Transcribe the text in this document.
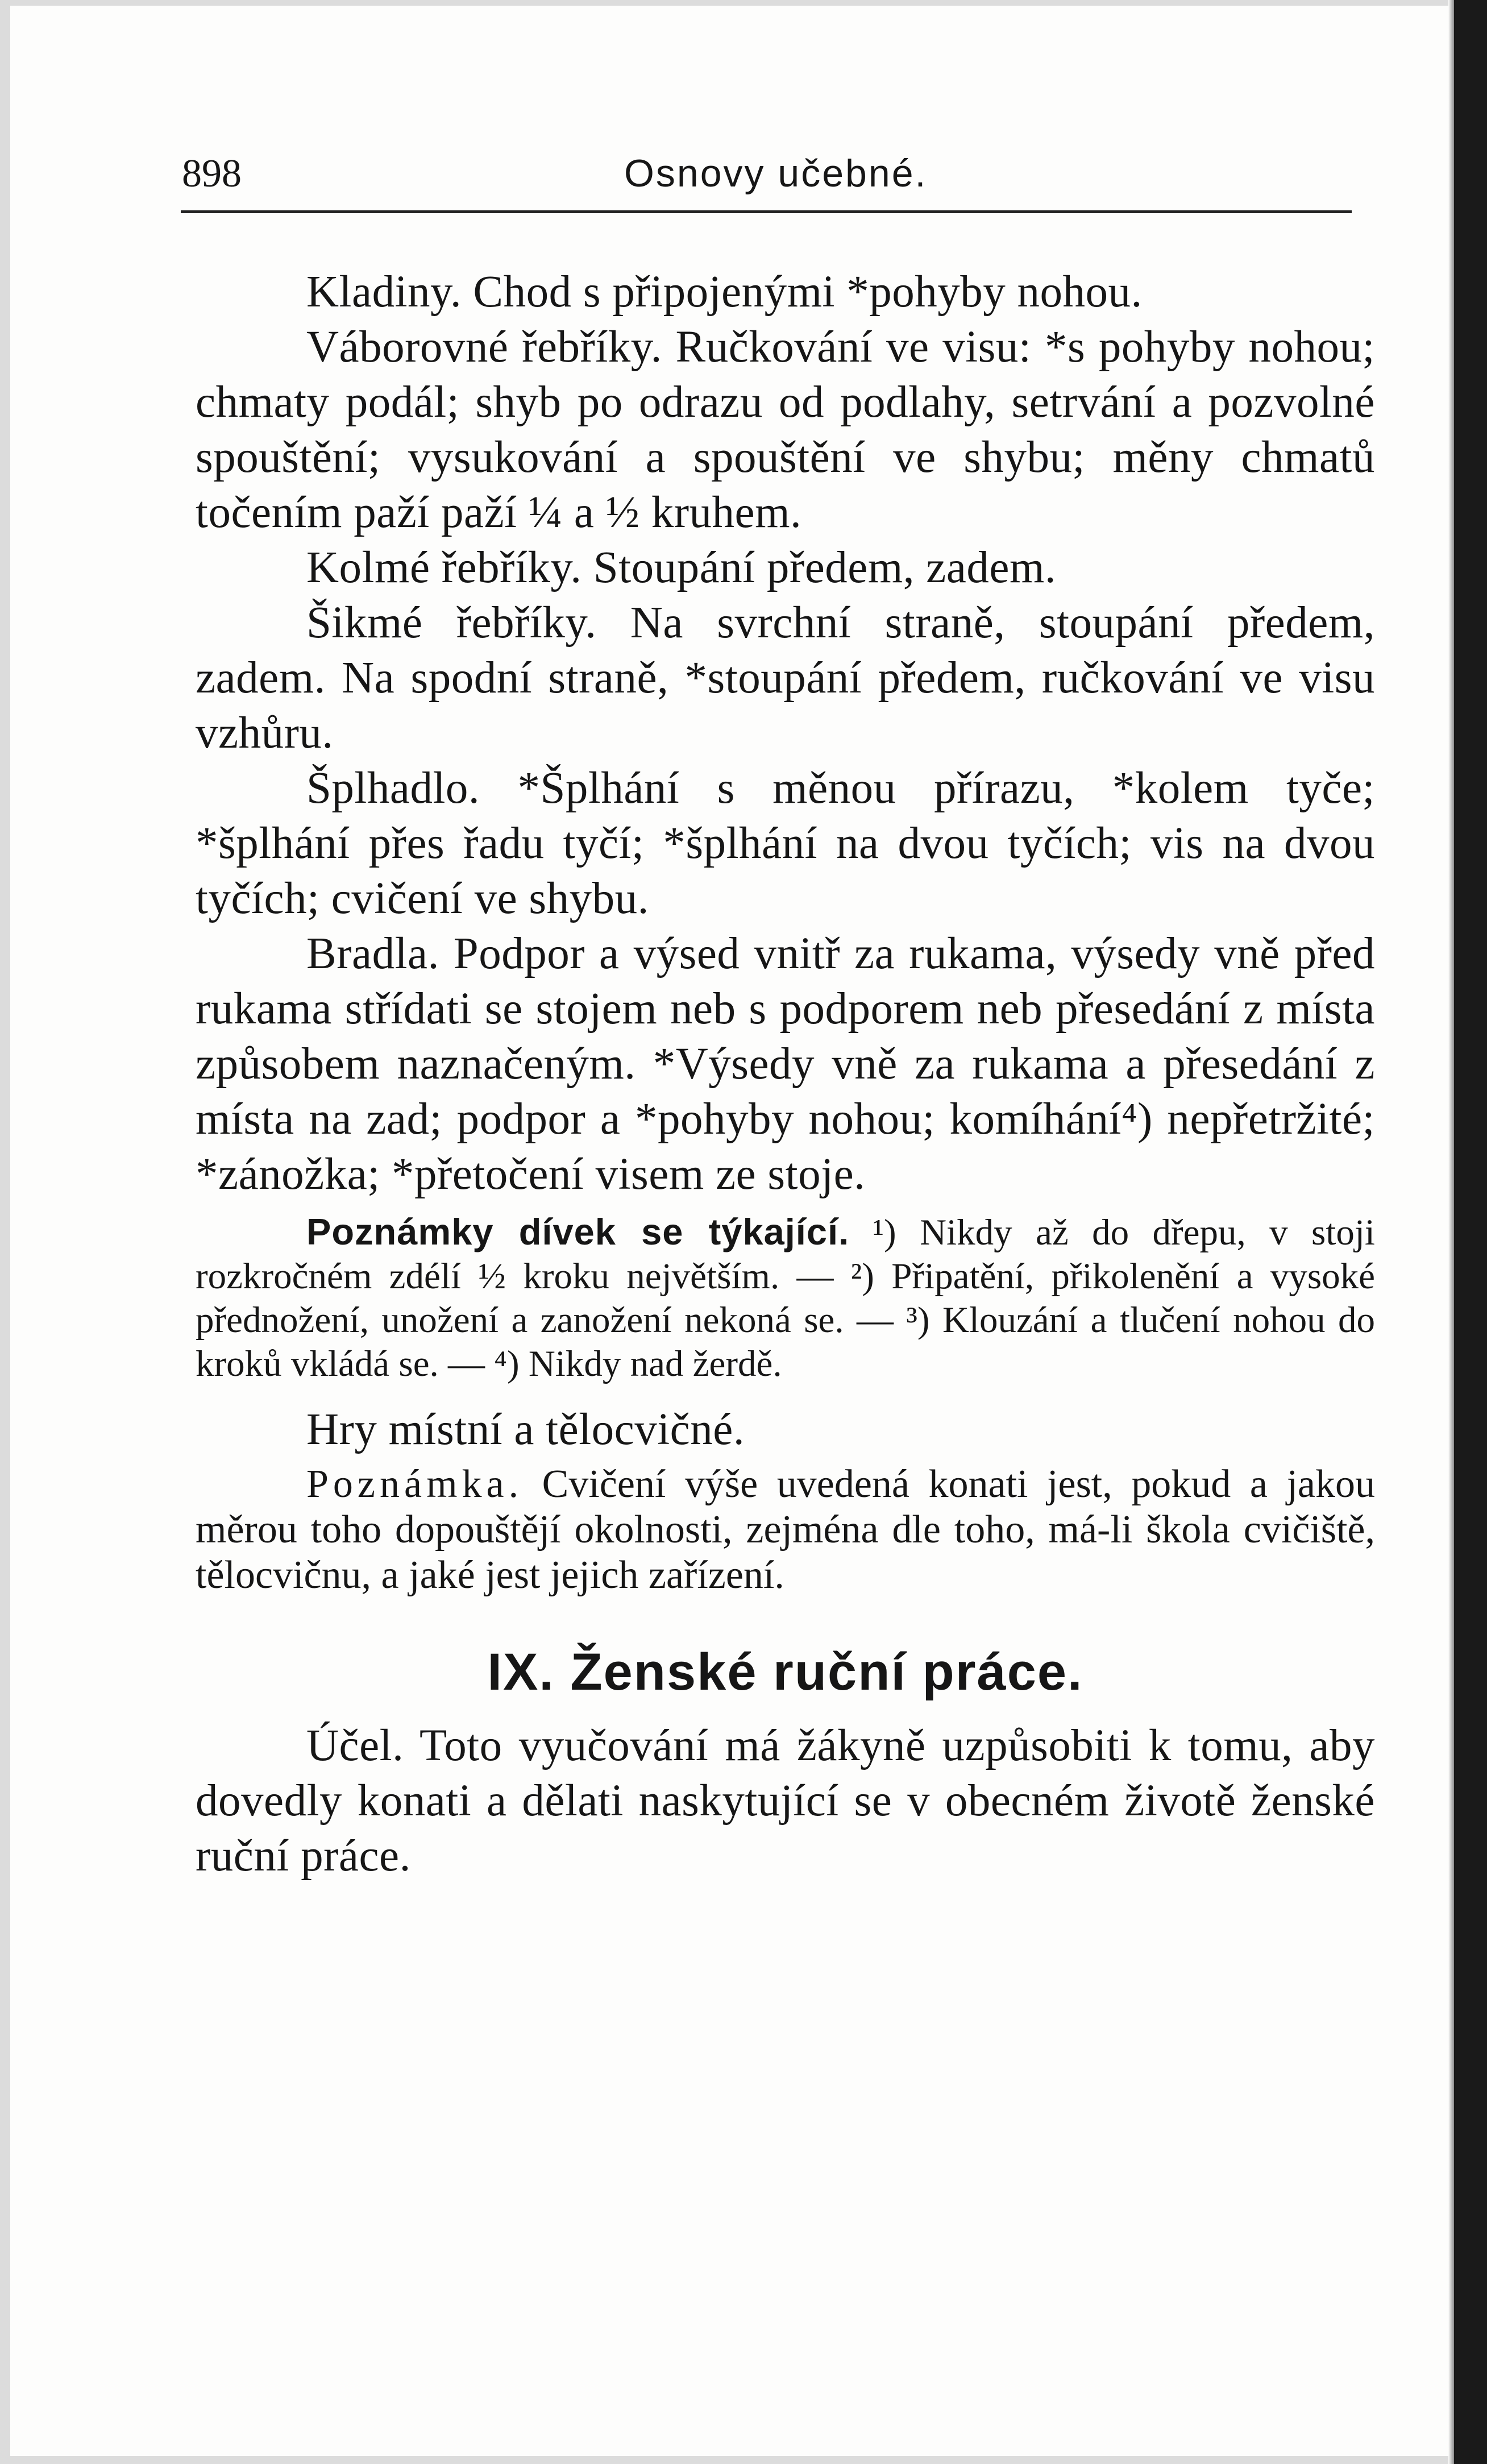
898	Osnovy učebné.

Kladiny. Chod s připojenými *pohyby nohou.

Váborovné řebříky. Ručkování ve visu: *s pohyby nohou; chmaty podál; shyb po odrazu od podlahy, setrvání a pozvolné spouštění; vysukování a spouštění ve shybu; měny chmatů točením paží paží ¼ a ½ kruhem.

Kolmé řebříky. Stoupání předem, zadem.

Šikmé řebříky. Na svrchní straně, stoupání předem, zadem. Na spodní straně, *stoupání předem, ručkování ve visu vzhůru.

Šplhadlo. *Šplhání s měnou přírazu, *kolem tyče; *šplhání přes řadu tyčí; *šplhání na dvou tyčích; vis na dvou tyčích; cvičení ve shybu.

Bradla. Podpor a výsed vnitř za rukama, výsedy vně před rukama střídati se stojem neb s podporem neb přesedání z místa způsobem naznačeným. *Výsedy vně za rukama a přesedání z místa na zad; podpor a *pohyby nohou; komíhání⁴) nepřetržité; *zánožka; *přetočení visem ze stoje.

Poznámky dívek se týkající. ¹) Nikdy až do dřepu, v stoji rozkročném zdélí ½ kroku největším. — ²) Připatění, přikolenění a vysoké přednožení, unožení a zanožení nekoná se. — ³) Klouzání a tlučení nohou do kroků vkládá se. — ⁴) Nikdy nad žerdě.

Hry místní a tělocvičné.

Poznámka. Cvičení výše uvedená konati jest, pokud a jakou měrou toho dopouštějí okolnosti, zejména dle toho, má-li škola cvičiště, tělocvičnu, a jaké jest jejich zařízení.

IX. Ženské ruční práce.

Účel. Toto vyučování má žákyně uzpůsobiti k tomu, aby dovedly konati a dělati naskytující se v obecném životě ženské ruční práce.
